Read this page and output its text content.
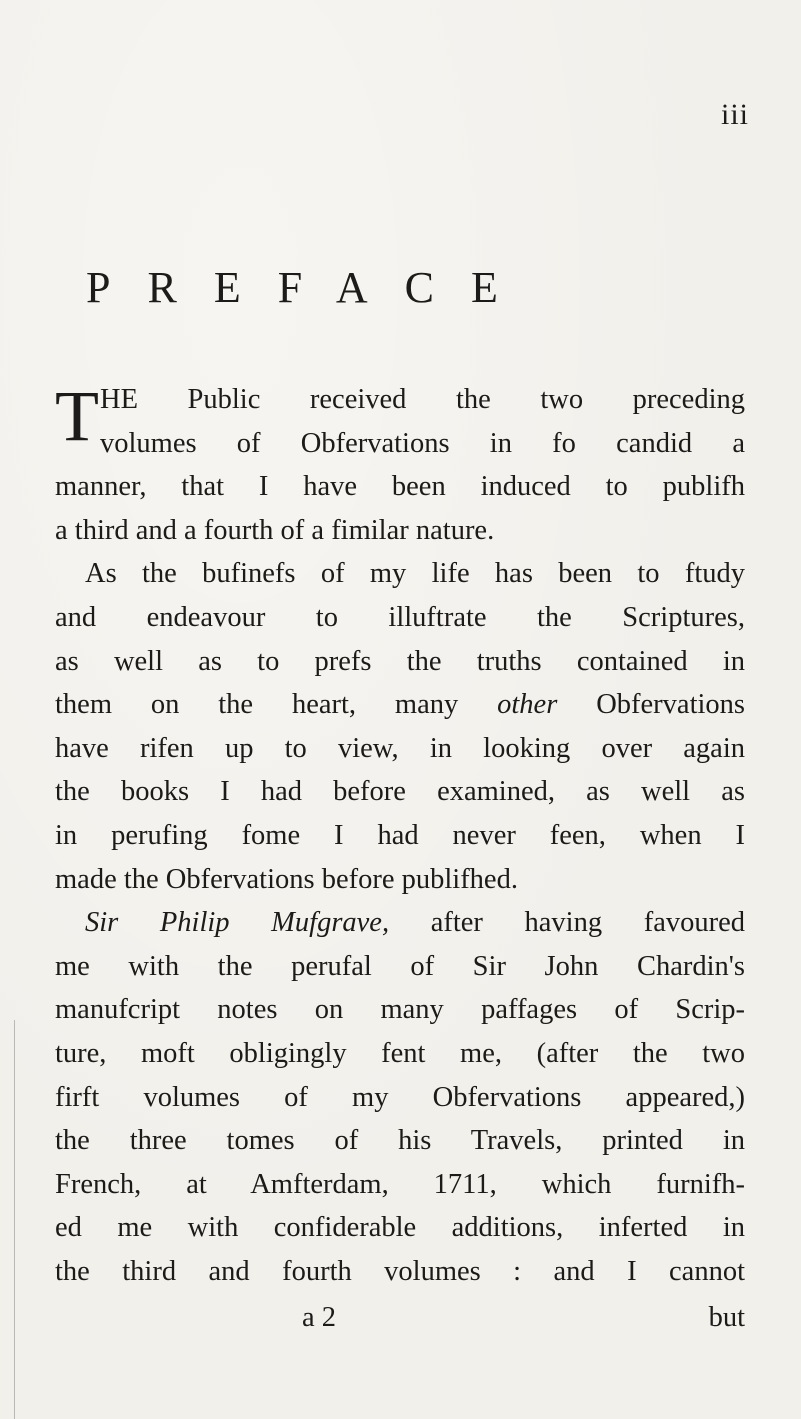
iii
PREFACE
T HE Public received the two preceding
volumes of Obfervations in fo candid a
manner, that I have been induced to publifh
a third and a fourth of a fimilar nature.
As the bufinefs of my life has been to ftudy
and endeavour to illuftrate the Scriptures,
as well as to prefs the truths contained in
them on the heart, many other Obfervations
have rifen up to view, in looking over again
the books I had before examined, as well as
in perufing fome I had never feen, when I
made the Obfervations before publifhed.
Sir Philip Mufgrave, after having favoured
me with the perufal of Sir John Chardin's
manufcript notes on many paffages of Scrip-
ture, moft obligingly fent me, (after the two
firft volumes of my Obfervations appeared,)
the three tomes of his Travels, printed in
French, at Amfterdam, 1711, which furnifh-
ed me with confiderable additions, inferted in
the third and fourth volumes : and I cannot
a 2	but
